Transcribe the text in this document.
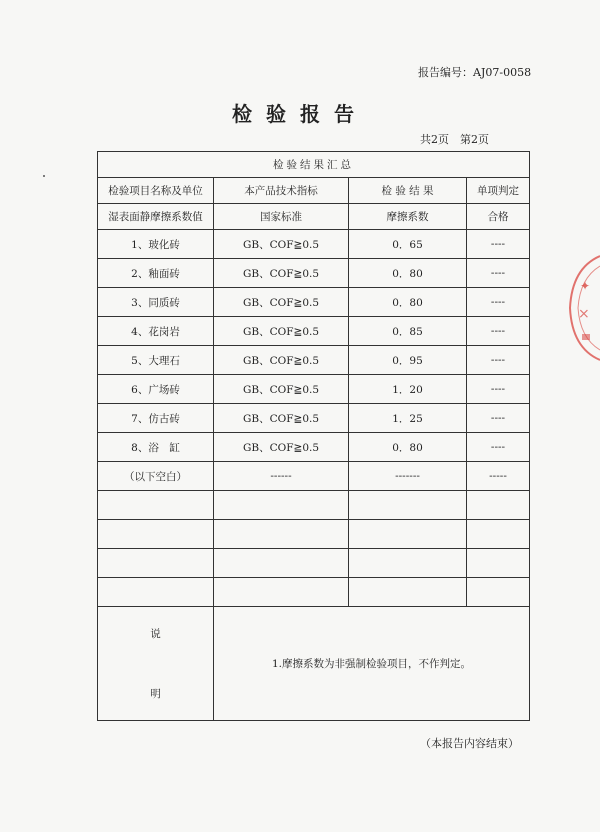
报告编号：AJ07-0058
检验报告
共2页　第2页
检验结果汇总			
检验项目名称及单位	本产品技术指标	检 验 结 果	单项判定
湿表面静摩擦系数值	国家标准	摩擦系数	合格
1、玻化砖	GB、COF≧0.5	0．65	----
2、釉面砖	GB、COF≧0.5	0．80	----
3、同质砖	GB、COF≧0.5	0．80	----
4、花岗岩	GB、COF≧0.5	0．85	----
5、大理石	GB、COF≧0.5	0．95	----
6、广场砖	GB、COF≧0.5	1．20	----
7、仿古砖	GB、COF≧0.5	1．25	----
8、浴　缸	GB、COF≧0.5	0．80	----
（以下空白）	------	-------	-----

说

明	1.摩擦系数为非强制检验项目，不作判定。		
（本报告内容结束）
✦
⨯
